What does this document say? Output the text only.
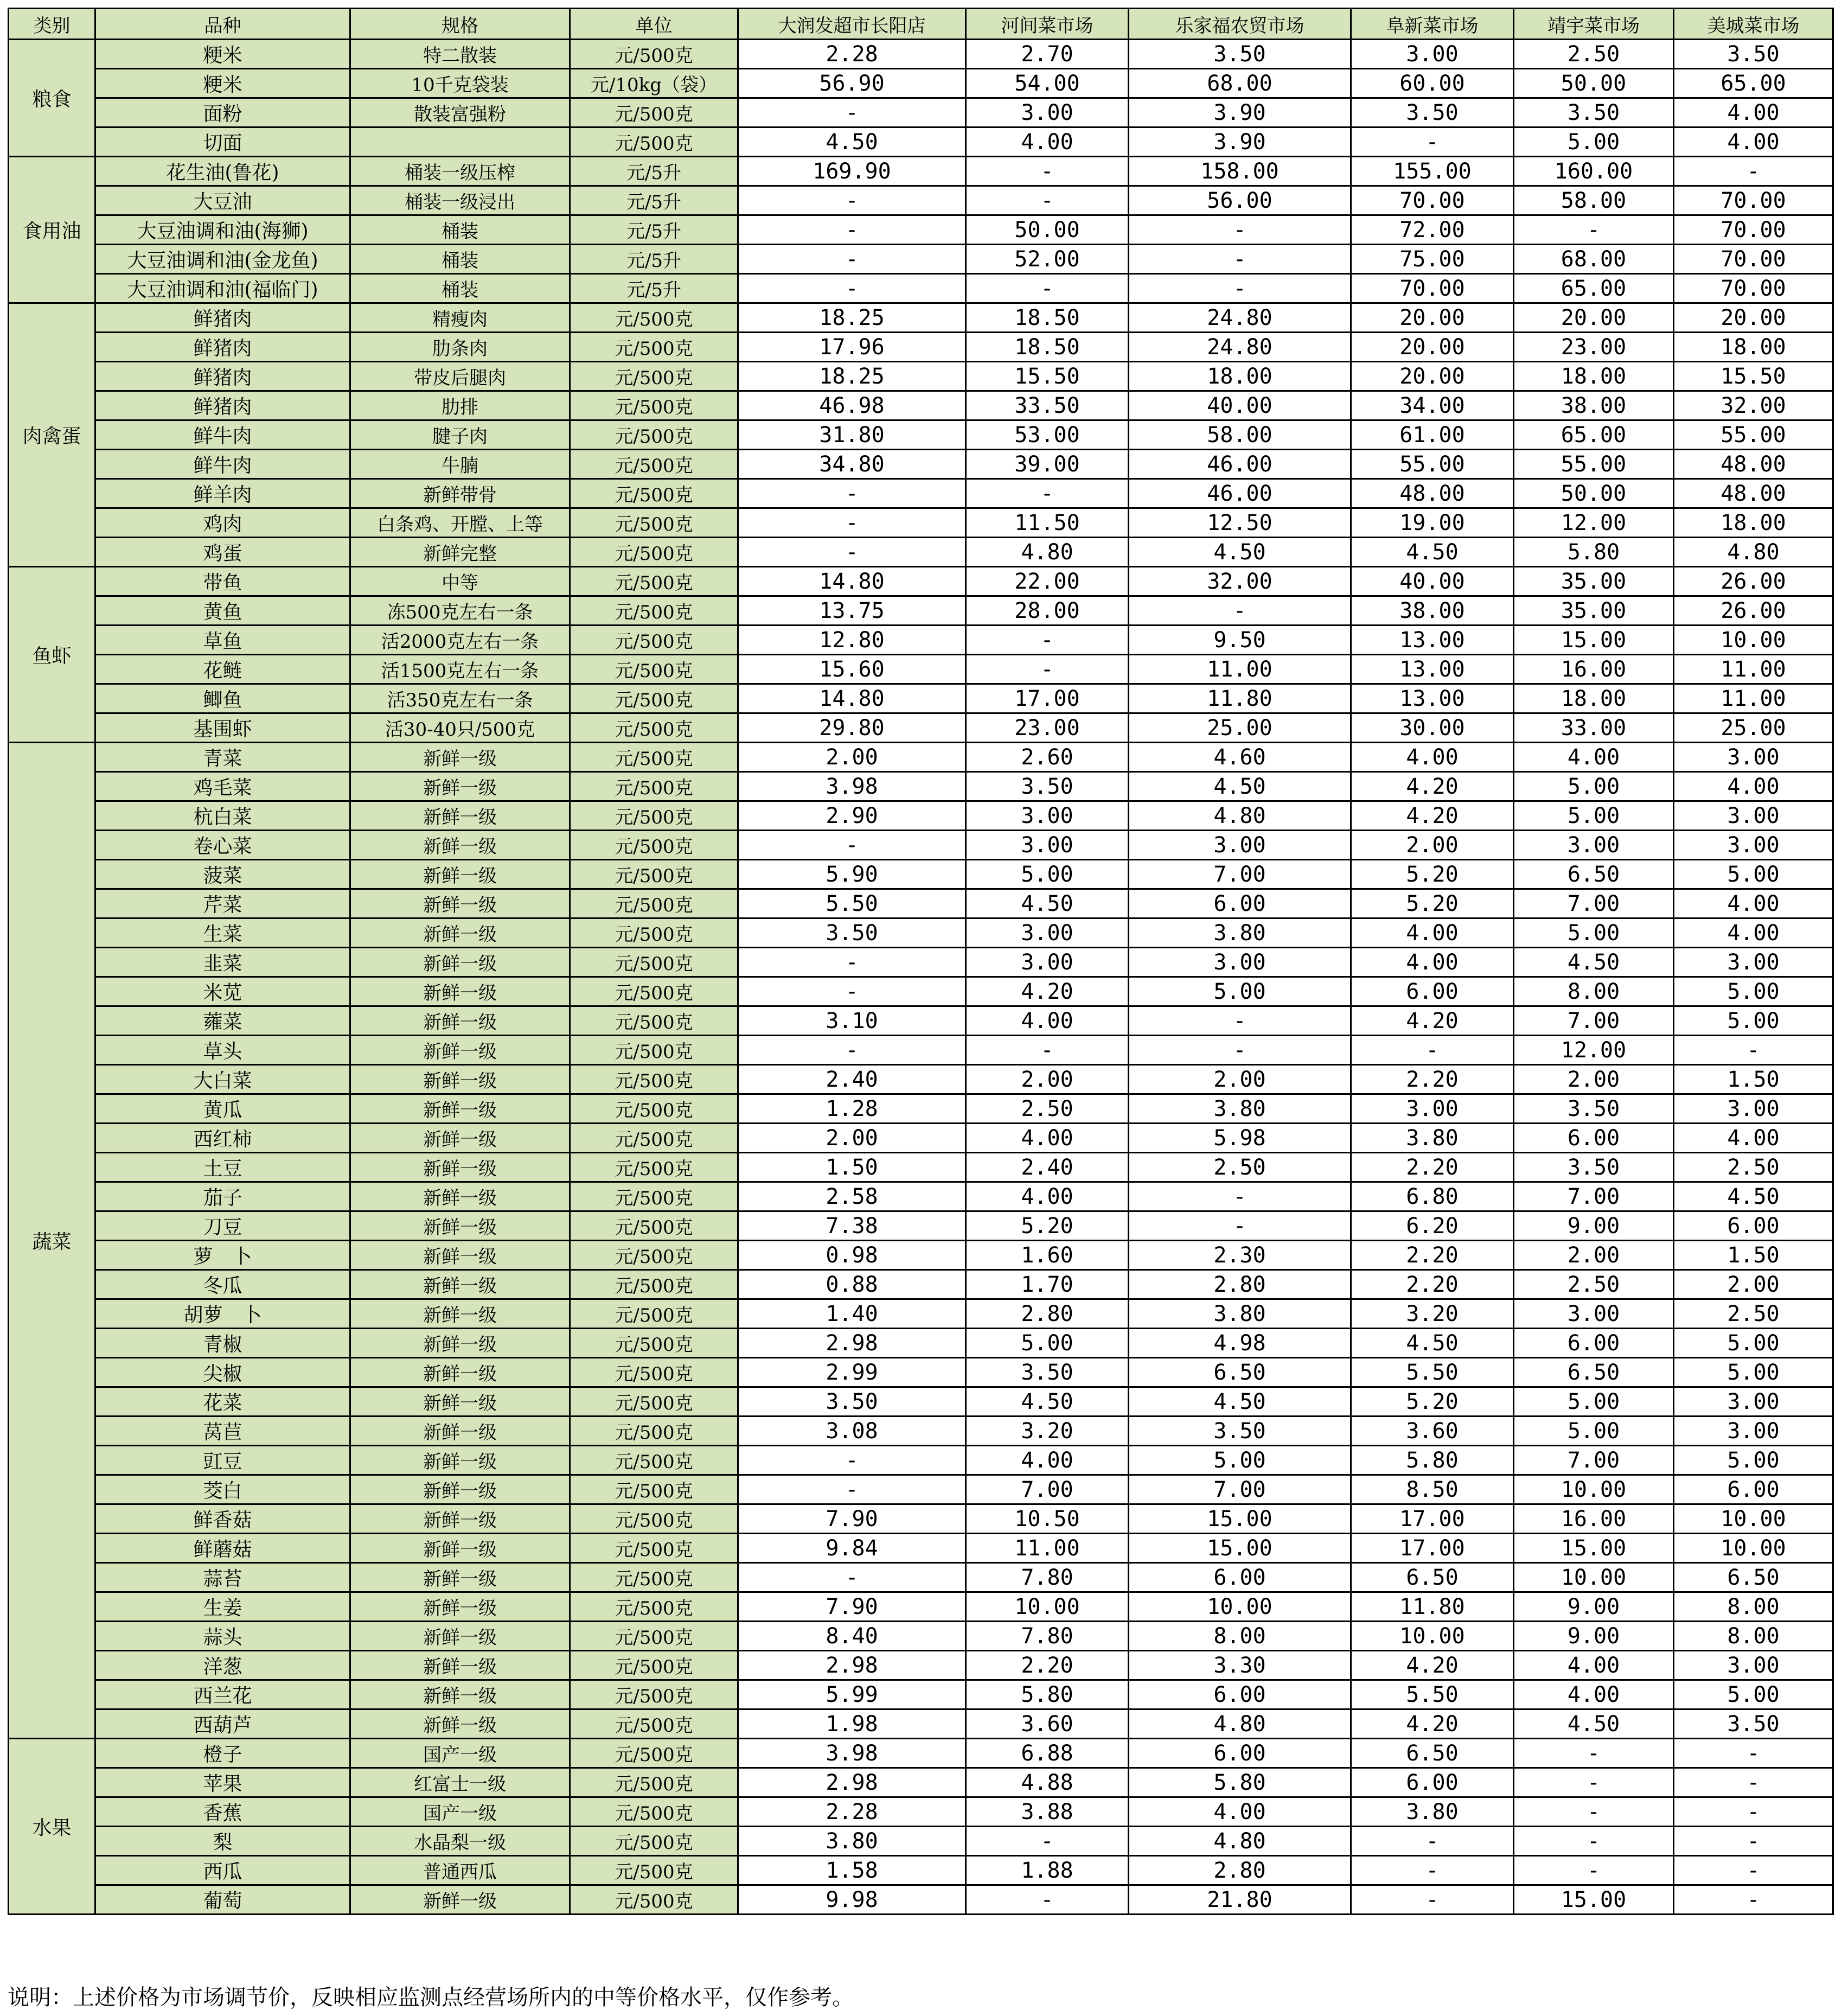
类别	品种	规格	单位	大润发超市长阳店	河间菜市场	乐家福农贸市场	阜新菜市场	靖宇菜市场	美城菜市场
粮食	粳米	特二散装	元/500克	2.28	2.70	3.50	3.00	2.50	3.50
	粳米	10千克袋装	元/10kg（袋）	56.90	54.00	68.00	60.00	50.00	65.00
	面粉	散装富强粉	元/500克	-	3.00	3.90	3.50	3.50	4.00
	切面		元/500克	4.50	4.00	3.90	-	5.00	4.00
食用油	花生油(鲁花)	桶装一级压榨	元/5升	169.90	-	158.00	155.00	160.00	-
	大豆油	桶装一级浸出	元/5升	-	-	56.00	70.00	58.00	70.00
	大豆油调和油(海狮)	桶装	元/5升	-	50.00	-	72.00	-	70.00
	大豆油调和油(金龙鱼)	桶装	元/5升	-	52.00	-	75.00	68.00	70.00
	大豆油调和油(福临门)	桶装	元/5升	-	-	-	70.00	65.00	70.00
肉禽蛋	鲜猪肉	精瘦肉	元/500克	18.25	18.50	24.80	20.00	20.00	20.00
	鲜猪肉	肋条肉	元/500克	17.96	18.50	24.80	20.00	23.00	18.00
	鲜猪肉	带皮后腿肉	元/500克	18.25	15.50	18.00	20.00	18.00	15.50
	鲜猪肉	肋排	元/500克	46.98	33.50	40.00	34.00	38.00	32.00
	鲜牛肉	腱子肉	元/500克	31.80	53.00	58.00	61.00	65.00	55.00
	鲜牛肉	牛腩	元/500克	34.80	39.00	46.00	55.00	55.00	48.00
	鲜羊肉	新鲜带骨	元/500克	-	-	46.00	48.00	50.00	48.00
	鸡肉	白条鸡、开膛、上等	元/500克	-	11.50	12.50	19.00	12.00	18.00
	鸡蛋	新鲜完整	元/500克	-	4.80	4.50	4.50	5.80	4.80
鱼虾	带鱼	中等	元/500克	14.80	22.00	32.00	40.00	35.00	26.00
	黄鱼	冻500克左右一条	元/500克	13.75	28.00	-	38.00	35.00	26.00
	草鱼	活2000克左右一条	元/500克	12.80	-	9.50	13.00	15.00	10.00
	花鲢	活1500克左右一条	元/500克	15.60	-	11.00	13.00	16.00	11.00
	鲫鱼	活350克左右一条	元/500克	14.80	17.00	11.80	13.00	18.00	11.00
	基围虾	活30-40只/500克	元/500克	29.80	23.00	25.00	30.00	33.00	25.00
蔬菜	青菜	新鲜一级	元/500克	2.00	2.60	4.60	4.00	4.00	3.00
	鸡毛菜	新鲜一级	元/500克	3.98	3.50	4.50	4.20	5.00	4.00
	杭白菜	新鲜一级	元/500克	2.90	3.00	4.80	4.20	5.00	3.00
	卷心菜	新鲜一级	元/500克	-	3.00	3.00	2.00	3.00	3.00
	菠菜	新鲜一级	元/500克	5.90	5.00	7.00	5.20	6.50	5.00
	芹菜	新鲜一级	元/500克	5.50	4.50	6.00	5.20	7.00	4.00
	生菜	新鲜一级	元/500克	3.50	3.00	3.80	4.00	5.00	4.00
	韭菜	新鲜一级	元/500克	-	3.00	3.00	4.00	4.50	3.00
	米苋	新鲜一级	元/500克	-	4.20	5.00	6.00	8.00	5.00
	蕹菜	新鲜一级	元/500克	3.10	4.00	-	4.20	7.00	5.00
	草头	新鲜一级	元/500克	-	-	-	-	12.00	-
	大白菜	新鲜一级	元/500克	2.40	2.00	2.00	2.20	2.00	1.50
	黄瓜	新鲜一级	元/500克	1.28	2.50	3.80	3.00	3.50	3.00
	西红柿	新鲜一级	元/500克	2.00	4.00	5.98	3.80	6.00	4.00
	土豆	新鲜一级	元/500克	1.50	2.40	2.50	2.20	3.50	2.50
	茄子	新鲜一级	元/500克	2.58	4.00	-	6.80	7.00	4.50
	刀豆	新鲜一级	元/500克	7.38	5.20	-	6.20	9.00	6.00
	萝　卜	新鲜一级	元/500克	0.98	1.60	2.30	2.20	2.00	1.50
	冬瓜	新鲜一级	元/500克	0.88	1.70	2.80	2.20	2.50	2.00
	胡萝　卜	新鲜一级	元/500克	1.40	2.80	3.80	3.20	3.00	2.50
	青椒	新鲜一级	元/500克	2.98	5.00	4.98	4.50	6.00	5.00
	尖椒	新鲜一级	元/500克	2.99	3.50	6.50	5.50	6.50	5.00
	花菜	新鲜一级	元/500克	3.50	4.50	4.50	5.20	5.00	3.00
	莴苣	新鲜一级	元/500克	3.08	3.20	3.50	3.60	5.00	3.00
	豇豆	新鲜一级	元/500克	-	4.00	5.00	5.80	7.00	5.00
	茭白	新鲜一级	元/500克	-	7.00	7.00	8.50	10.00	6.00
	鲜香菇	新鲜一级	元/500克	7.90	10.50	15.00	17.00	16.00	10.00
	鲜蘑菇	新鲜一级	元/500克	9.84	11.00	15.00	17.00	15.00	10.00
	蒜苔	新鲜一级	元/500克	-	7.80	6.00	6.50	10.00	6.50
	生姜	新鲜一级	元/500克	7.90	10.00	10.00	11.80	9.00	8.00
	蒜头	新鲜一级	元/500克	8.40	7.80	8.00	10.00	9.00	8.00
	洋葱	新鲜一级	元/500克	2.98	2.20	3.30	4.20	4.00	3.00
	西兰花	新鲜一级	元/500克	5.99	5.80	6.00	5.50	4.00	5.00
	西葫芦	新鲜一级	元/500克	1.98	3.60	4.80	4.20	4.50	3.50
水果	橙子	国产一级	元/500克	3.98	6.88	6.00	6.50	-	-
	苹果	红富士一级	元/500克	2.98	4.88	5.80	6.00	-	-
	香蕉	国产一级	元/500克	2.28	3.88	4.00	3.80	-	-
	梨	水晶梨一级	元/500克	3.80	-	4.80	-	-	-
	西瓜	普通西瓜	元/500克	1.58	1.88	2.80	-	-	-
	葡萄	新鲜一级	元/500克	9.98	-	21.80	-	15.00	-
说明：上述价格为市场调节价，反映相应监测点经营场所内的中等价格水平，仅作参考。
